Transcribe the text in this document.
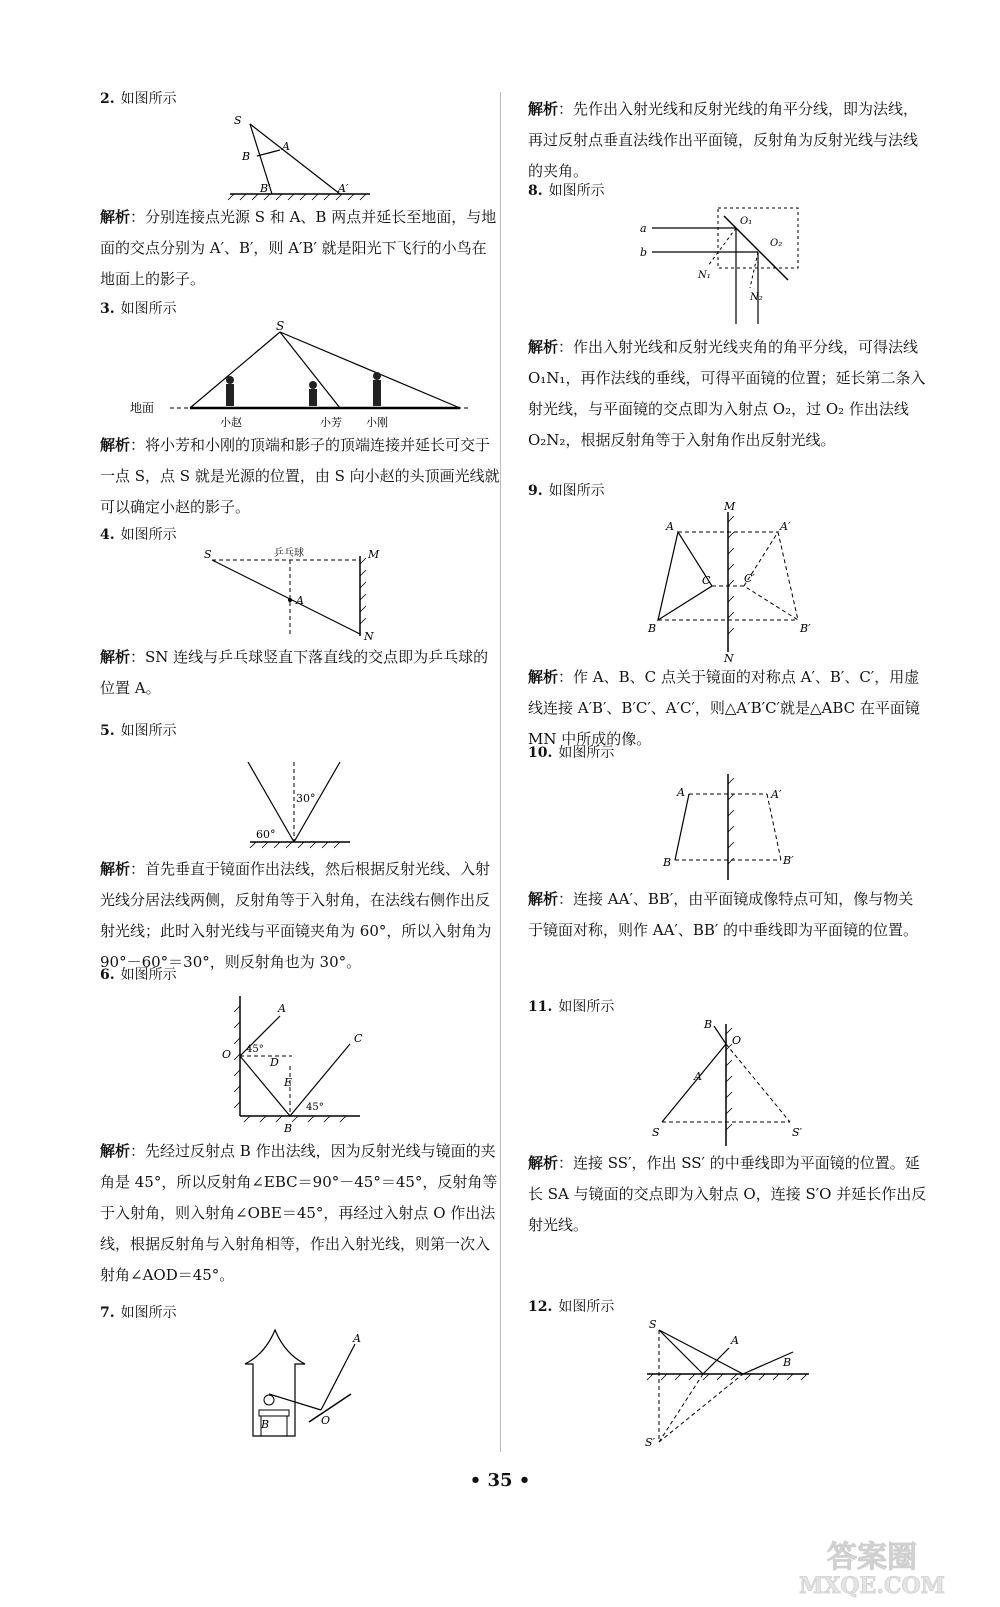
2. 如图所示

S
B
A
B′	A′

解析：分别连接点光源 S 和 A、B 两点并延长至地面，与地面的交点分别为 A′、B′，则 A′B′ 就是阳光下飞行的小鸟在地面上的影子。

3. 如图所示

S
地面
小赵	小芳 小刚

解析：将小芳和小刚的顶端和影子的顶端连接并延长可交于一点 S，点 S 就是光源的位置，由 S 向小赵的头顶画光线就可以确定小赵的影子。

4. 如图所示

S
A
M
N
乒乓球

解析：SN 连线与乒乓球竖直下落直线的交点即为乒乓球的位置 A。

5. 如图所示

60°
30°

解析：首先垂直于镜面作出法线，然后根据反射光线、入射光线分居法线两侧，反射角等于入射角，在法线右侧作出反射光线；此时入射光线与平面镜夹角为 60°，所以入射角为 90°－60°＝30°，则反射角也为 30°。

6. 如图所示

A
O
D
E
C
B
45°
45°

解析：先经过反射点 B 作出法线，因为反射光线与镜面的夹角是 45°，所以反射角∠EBC＝90°－45°＝45°，反射角等于入射角，则入射角∠OBE＝45°，再经过入射点 O 作出法线，根据反射角与入射角相等，作出入射光线，则第一次入射角∠AOD＝45°。

7. 如图所示

A
B	O

解析：先作出入射光线和反射光线的角平分线，即为法线，再过反射点垂直法线作出平面镜，反射角为反射光线与法线的夹角。

8. 如图所示

a
b
O₁
O₂
N₁
N₂

解析：作出入射光线和反射光线夹角的角平分线，可得法线 O₁N₁，再作法线的垂线，可得平面镜的位置；延长第二条入射光线，与平面镜的交点即为入射点 O₂，过 O₂ 作出法线 O₂N₂，根据反射角等于入射角作出反射光线。

9. 如图所示

A
B
C
A′
B′
C′
M
N

解析：作 A、B、C 点关于镜面的对称点 A′、B′、C′，用虚线连接 A′B′、B′C′、A′C′，则△A′B′C′就是△ABC 在平面镜 MN 中所成的像。

10. 如图所示

A
B
A′
B′

解析：连接 AA′、BB′，由平面镜成像特点可知，像与物关于镜面对称，则作 AA′、BB′ 的中垂线即为平面镜的位置。

11. 如图所示

S	S′
A
O
B

解析：连接 SS′，作出 SS′ 的中垂线即为平面镜的位置。延长 SA 与镜面的交点即为入射点 O，连接 S′O 并延长作出反射光线。

12. 如图所示

S
A
B
S′
• 35 •
答案圈
MXQE.COM
